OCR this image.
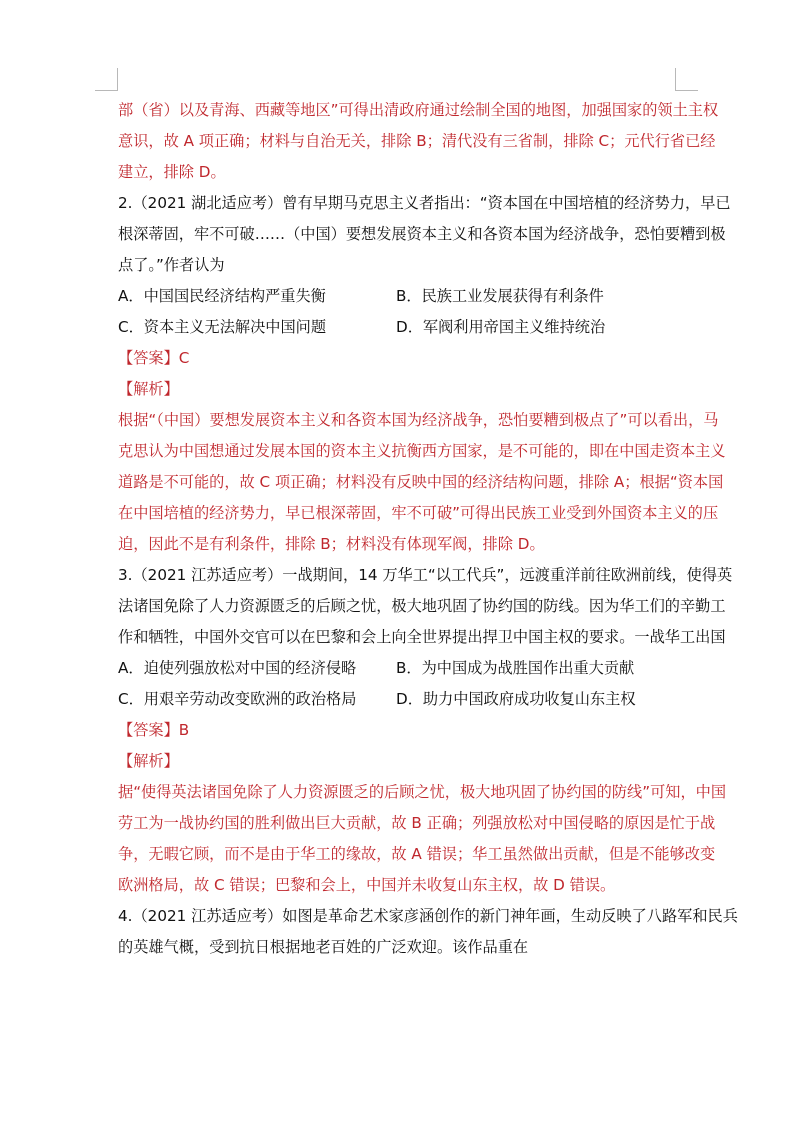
部（省）以及青海、西藏等地区”可得出清政府通过绘制全国的地图，加强国家的领土主权
意识，故 A 项正确；材料与自治无关，排除 B；清代没有三省制，排除 C；元代行省已经
建立，排除 D。
2.（2021 湖北适应考）曾有早期马克思主义者指出：“资本国在中国培植的经济势力，早已
根深蒂固，牢不可破……（中国）要想发展资本主义和各资本国为经济战争，恐怕要糟到极
点了。”作者认为
A．中国国民经济结构严重失衡	B．民族工业发展获得有利条件
C．资本主义无法解决中国问题	D．军阀利用帝国主义维持统治
【答案】C
【解析】
根据“（中国）要想发展资本主义和各资本国为经济战争，恐怕要糟到极点了”可以看出，马
克思认为中国想通过发展本国的资本主义抗衡西方国家，是不可能的，即在中国走资本主义
道路是不可能的，故 C 项正确；材料没有反映中国的经济结构问题，排除 A；根据“资本国
在中国培植的经济势力，早已根深蒂固，牢不可破”可得出民族工业受到外国资本主义的压
迫，因此不是有利条件，排除 B；材料没有体现军阀，排除 D。
3.（2021 江苏适应考）一战期间，14 万华工“以工代兵”，远渡重洋前往欧洲前线，使得英
法诸国免除了人力资源匮乏的后顾之忧，极大地巩固了协约国的防线。因为华工们的辛勤工
作和牺牲，中国外交官可以在巴黎和会上向全世界提出捍卫中国主权的要求。一战华工出国
A．迫使列强放松对中国的经济侵略	B．为中国成为战胜国作出重大贡献
C．用艰辛劳动改变欧洲的政治格局	D．助力中国政府成功收复山东主权
【答案】B
【解析】
据“使得英法诸国免除了人力资源匮乏的后顾之忧，极大地巩固了协约国的防线”可知，中国
劳工为一战协约国的胜利做出巨大贡献，故 B 正确；列强放松对中国侵略的原因是忙于战
争，无暇它顾，而不是由于华工的缘故，故 A 错误；华工虽然做出贡献，但是不能够改变
欧洲格局，故 C 错误；巴黎和会上，中国并未收复山东主权，故 D 错误。
4.（2021 江苏适应考）如图是革命艺术家彦涵创作的新门神年画，生动反映了八路军和民兵
的英雄气概，受到抗日根据地老百姓的广泛欢迎。该作品重在
